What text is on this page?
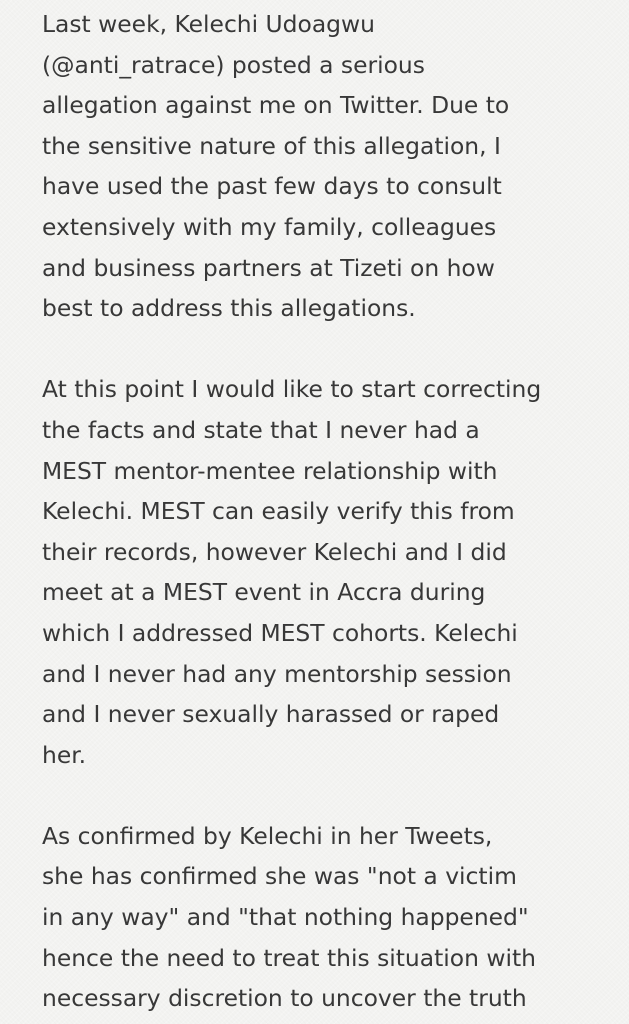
Last week, Kelechi Udoagwu
(@anti_ratrace) posted a serious
allegation against me on Twitter. Due to
the sensitive nature of this allegation, I
have used the past few days to consult
extensively with my family, colleagues
and business partners at Tizeti on how
best to address this allegations.

At this point I would like to start correcting
the facts and state that I never had a
MEST mentor-mentee relationship with
Kelechi. MEST can easily verify this from
their records, however Kelechi and I did
meet at a MEST event in Accra during
which I addressed MEST cohorts. Kelechi
and I never had any mentorship session
and I never sexually harassed or raped
her.

As confirmed by Kelechi in her Tweets,
she has confirmed she was "not a victim
in any way" and "that nothing happened"
hence the need to treat this situation with
necessary discretion to uncover the truth
